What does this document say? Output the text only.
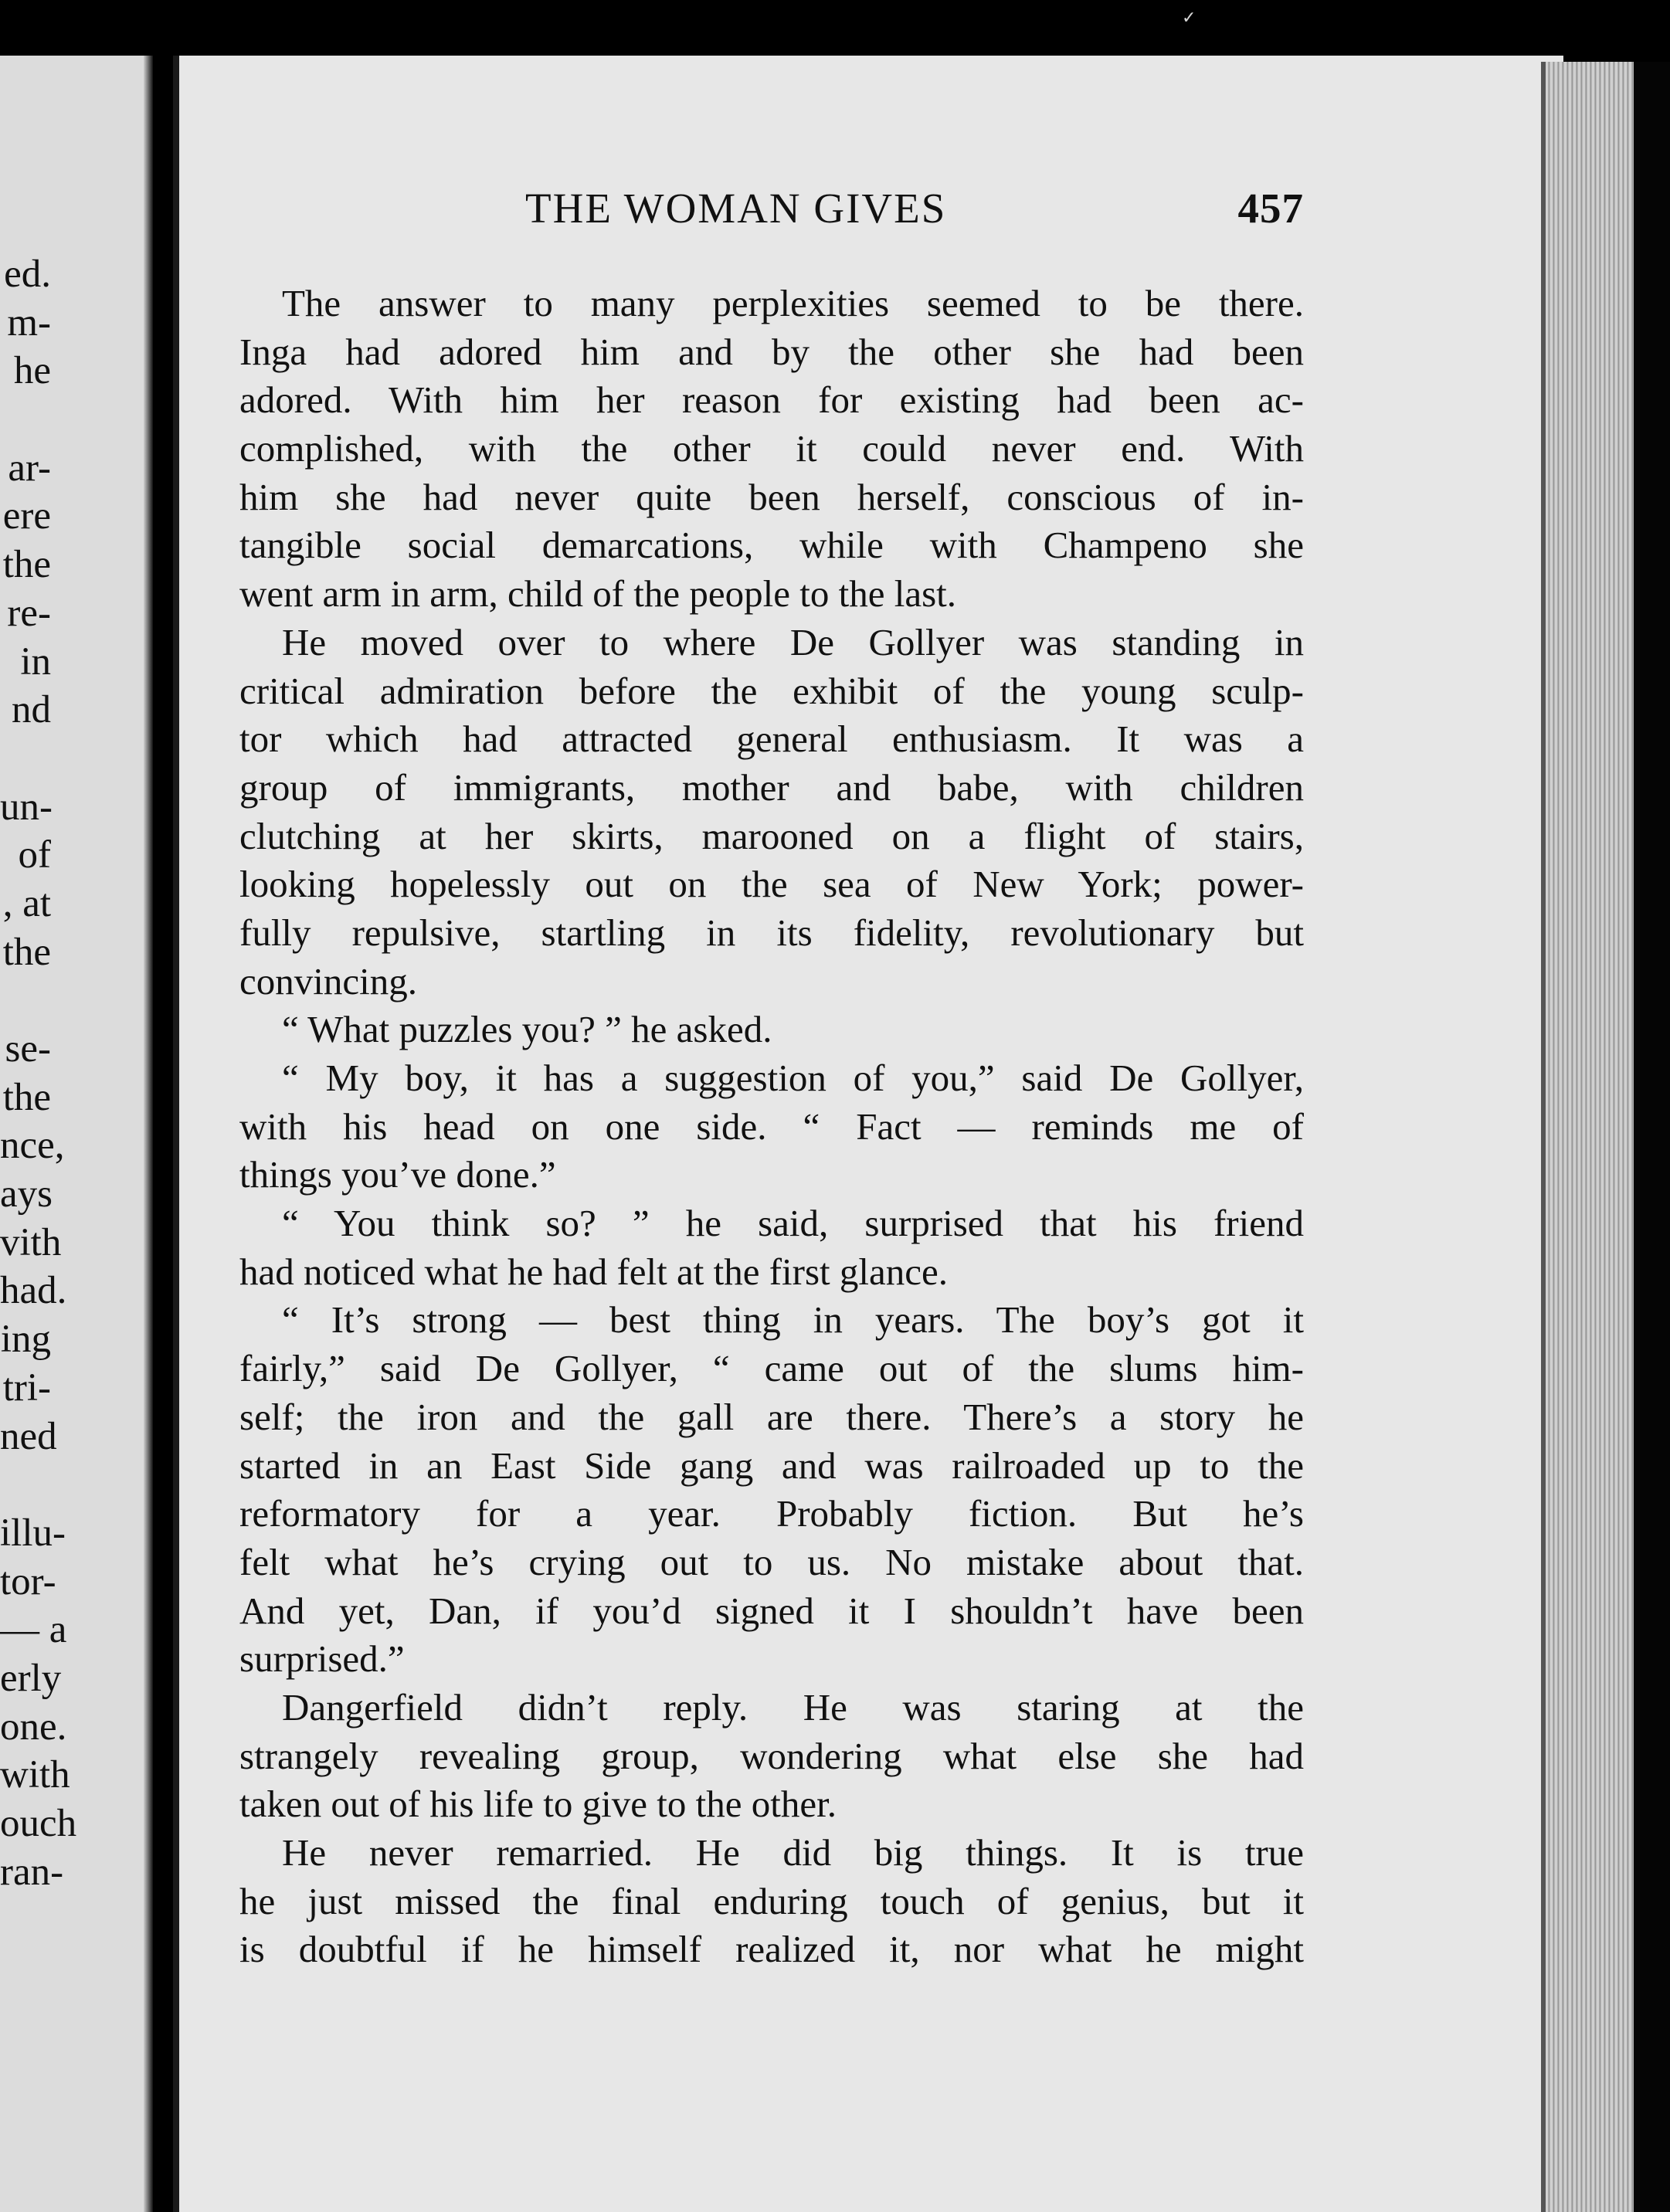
ed.
m-
he
ar-
ere
the
re-
in
nd
un-
of
, at
the
se-
the
nce,
ays
vith
had.
ing
tri-
ned
illu-
tor-
— a
erly
one.
with
ouch
ran-
✓
THE WOMAN GIVES	457
The answer to many perplexities seemed to be there.
Inga had adored him and by the other she had been
adored. With him her reason for existing had been ac-
complished, with the other it could never end. With
him she had never quite been herself, conscious of in-
tangible social demarcations, while with Champeno she
went arm in arm, child of the people to the last.
He moved over to where De Gollyer was standing in
critical admiration before the exhibit of the young sculp-
tor which had attracted general enthusiasm. It was a
group of immigrants, mother and babe, with children
clutching at her skirts, marooned on a flight of stairs,
looking hopelessly out on the sea of New York; power-
fully repulsive, startling in its fidelity, revolutionary but
convincing.
“ What puzzles you? ” he asked.
“ My boy, it has a suggestion of you,” said De Gollyer,
with his head on one side. “ Fact — reminds me of
things you’ve done.”
“ You think so? ” he said, surprised that his friend
had noticed what he had felt at the first glance.
“ It’s strong — best thing in years. The boy’s got it
fairly,” said De Gollyer, “ came out of the slums him-
self; the iron and the gall are there. There’s a story he
started in an East Side gang and was railroaded up to the
reformatory for a year. Probably fiction. But he’s
felt what he’s crying out to us. No mistake about that.
And yet, Dan, if you’d signed it I shouldn’t have been
surprised.”
Dangerfield didn’t reply. He was staring at the
strangely revealing group, wondering what else she had
taken out of his life to give to the other.
He never remarried. He did big things. It is true
he just missed the final enduring touch of genius, but it
is doubtful if he himself realized it, nor what he might
